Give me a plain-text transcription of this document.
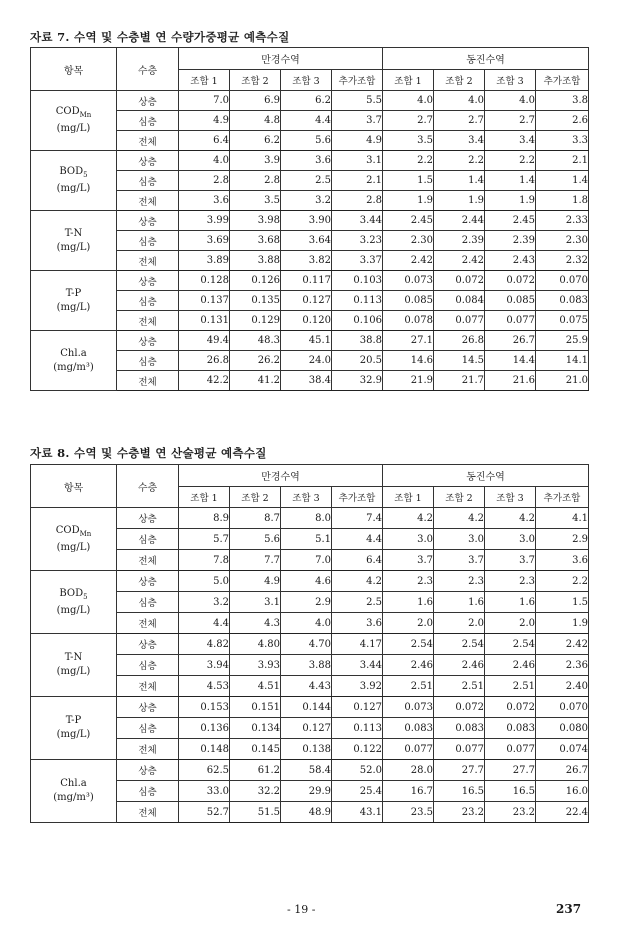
자료 7. 수역 및 수층별 연 수량가중평균 예측수질
항목	수층	만경수역				동진수역			
		조합 1	조합 2	조합 3	추가조합	조합 1	조합 2	조합 3	추가조합
$COD_{Mn}$
(mg/L)	상층	7.0	6.9	6.2	5.5	4.0	4.0	4.0	3.8
	심층	4.9	4.8	4.4	3.7	2.7	2.7	2.7	2.6
	전체	6.4	6.2	5.6	4.9	3.5	3.4	3.4	3.3
$BOD_5$
(mg/L)	상층	4.0	3.9	3.6	3.1	2.2	2.2	2.2	2.1
	심층	2.8	2.8	2.5	2.1	1.5	1.4	1.4	1.4
	전체	3.6	3.5	3.2	2.8	1.9	1.9	1.9	1.8
T-N
(mg/L)	상층	3.99	3.98	3.90	3.44	2.45	2.44	2.45	2.33
	심층	3.69	3.68	3.64	3.23	2.30	2.39	2.39	2.30
	전체	3.89	3.88	3.82	3.37	2.42	2.42	2.43	2.32
T-P
(mg/L)	상층	0.128	0.126	0.117	0.103	0.073	0.072	0.072	0.070
	심층	0.137	0.135	0.127	0.113	0.085	0.084	0.085	0.083
	전체	0.131	0.129	0.120	0.106	0.078	0.077	0.077	0.075
Chl.a
(mg/m³)	상층	49.4	48.3	45.1	38.8	27.1	26.8	26.7	25.9
	심층	26.8	26.2	24.0	20.5	14.6	14.5	14.4	14.1
	전체	42.2	41.2	38.4	32.9	21.9	21.7	21.6	21.0
자료 8. 수역 및 수층별 연 산술평균 예측수질
항목	수층	만경수역				동진수역			
		조합 1	조합 2	조합 3	추가조합	조합 1	조합 2	조합 3	추가조합
$COD_{Mn}$
(mg/L)	상층	8.9	8.7	8.0	7.4	4.2	4.2	4.2	4.1
	심층	5.7	5.6	5.1	4.4	3.0	3.0	3.0	2.9
	전체	7.8	7.7	7.0	6.4	3.7	3.7	3.7	3.6
$BOD_5$
(mg/L)	상층	5.0	4.9	4.6	4.2	2.3	2.3	2.3	2.2
	심층	3.2	3.1	2.9	2.5	1.6	1.6	1.6	1.5
	전체	4.4	4.3	4.0	3.6	2.0	2.0	2.0	1.9
T-N
(mg/L)	상층	4.82	4.80	4.70	4.17	2.54	2.54	2.54	2.42
	심층	3.94	3.93	3.88	3.44	2.46	2.46	2.46	2.36
	전체	4.53	4.51	4.43	3.92	2.51	2.51	2.51	2.40
T-P
(mg/L)	상층	0.153	0.151	0.144	0.127	0.073	0.072	0.072	0.070
	심층	0.136	0.134	0.127	0.113	0.083	0.083	0.083	0.080
	전체	0.148	0.145	0.138	0.122	0.077	0.077	0.077	0.074
Chl.a
(mg/m³)	상층	62.5	61.2	58.4	52.0	28.0	27.7	27.7	26.7
	심층	33.0	32.2	29.9	25.4	16.7	16.5	16.5	16.0
	전체	52.7	51.5	48.9	43.1	23.5	23.2	23.2	22.4
- 19 -	237
